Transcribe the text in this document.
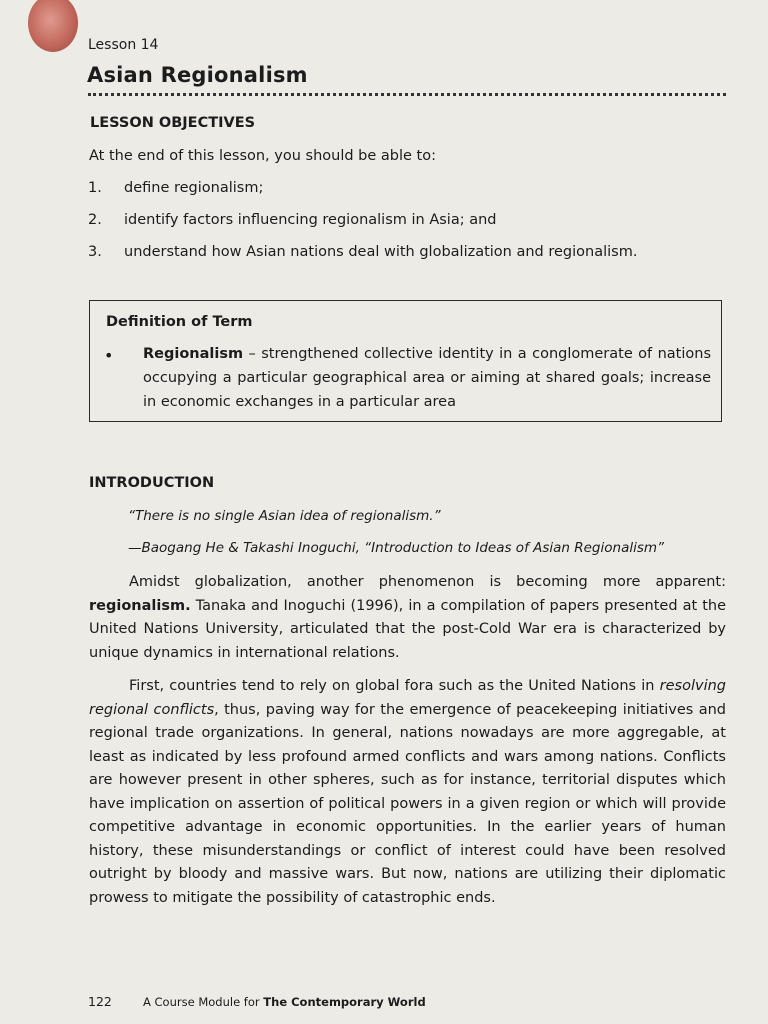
Lesson 14
Asian Regionalism
LESSON OBJECTIVES
At the end of this lesson, you should be able to:
1. define regionalism;
2. identify factors influencing regionalism in Asia; and
3. understand how Asian nations deal with globalization and regionalism.
Definition of Term
• Regionalism – strengthened collective identity in a conglomerate of nations occupying a particular geographical area or aiming at shared goals; increase in economic exchanges in a particular area
INTRODUCTION
“There is no single Asian idea of regionalism.”
—Baogang He & Takashi Inoguchi, “Introduction to Ideas of Asian Regionalism”

Amidst globalization, another phenomenon is becoming more apparent: regionalism. Tanaka and Inoguchi (1996), in a compilation of papers presented at the United Nations University, articulated that the post-Cold War era is characterized by unique dynamics in international relations.

First, countries tend to rely on global fora such as the United Nations in resolving regional conflicts, thus, paving way for the emergence of peacekeeping initiatives and regional trade organizations. In general, nations nowadays are more aggregable, at least as indicated by less profound armed conflicts and wars among nations. Conflicts are however present in other spheres, such as for instance, territorial disputes which have implication on assertion of political powers in a given region or which will provide competitive advantage in economic opportunities. In the earlier years of human history, these misunderstandings or conflict of interest could have been resolved outright by bloody and massive wars. But now, nations are utilizing their diplomatic prowess to mitigate the possibility of catastrophic ends.

122	A Course Module for The Contemporary World
